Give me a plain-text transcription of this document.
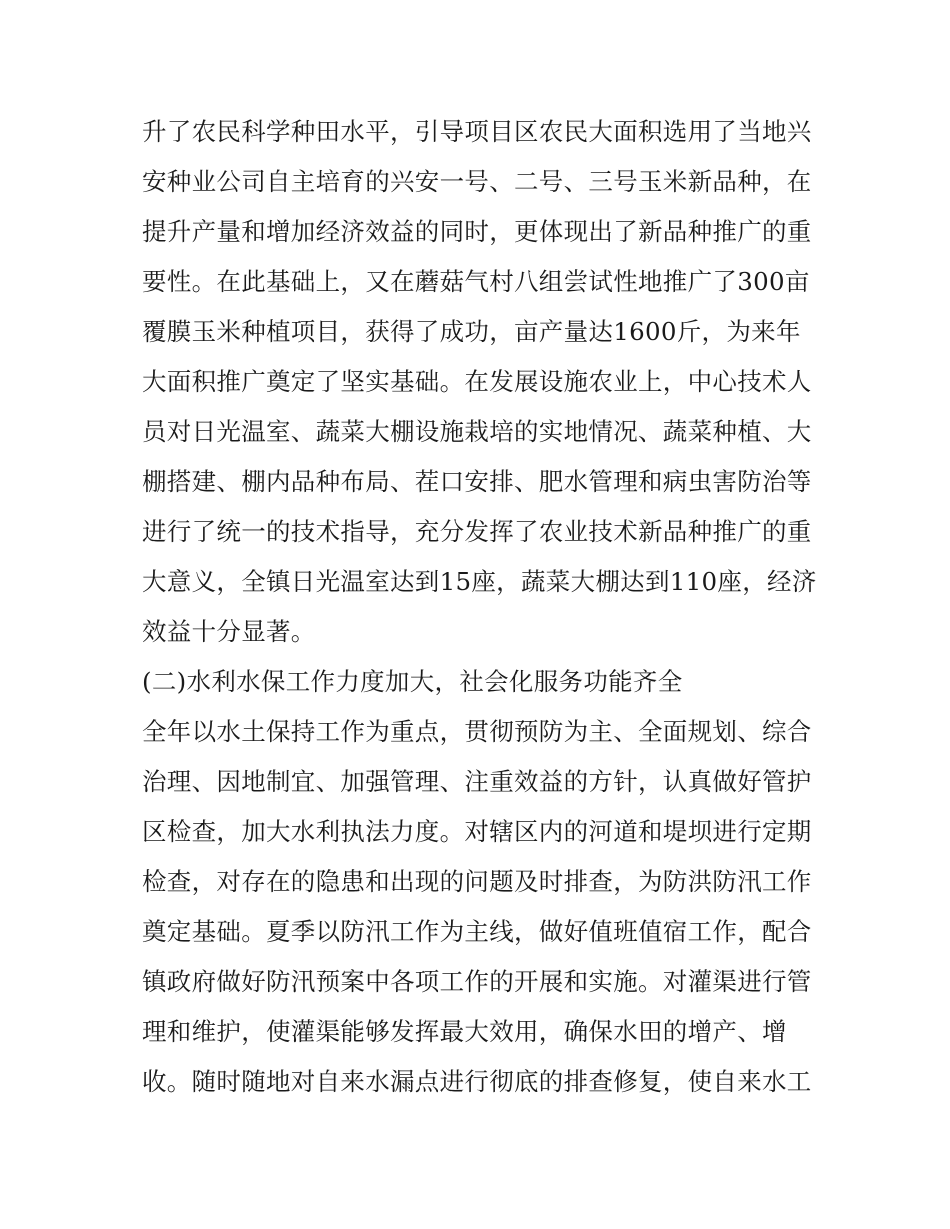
升了农民科学种田水平，引导项目区农民大面积选用了当地兴
安种业公司自主培育的兴安一号、二号、三号玉米新品种，在
提升产量和增加经济效益的同时，更体现出了新品种推广的重
要性。在此基础上，又在蘑菇气村八组尝试性地推广了300亩
覆膜玉米种植项目，获得了成功，亩产量达1600斤，为来年
大面积推广奠定了坚实基础。在发展设施农业上，中心技术人
员对日光温室、蔬菜大棚设施栽培的实地情况、蔬菜种植、大
棚搭建、棚内品种布局、茬口安排、肥水管理和病虫害防治等
进行了统一的技术指导，充分发挥了农业技术新品种推广的重
大意义，全镇日光温室达到15座，蔬菜大棚达到110座，经济
效益十分显著。
(二)水利水保工作力度加大，社会化服务功能齐全
全年以水土保持工作为重点，贯彻预防为主、全面规划、综合
治理、因地制宜、加强管理、注重效益的方针，认真做好管护
区检查，加大水利执法力度。对辖区内的河道和堤坝进行定期
检查，对存在的隐患和出现的问题及时排查，为防洪防汛工作
奠定基础。夏季以防汛工作为主线，做好值班值宿工作，配合
镇政府做好防汛预案中各项工作的开展和实施。对灌渠进行管
理和维护，使灌渠能够发挥最大效用，确保水田的增产、增
收。随时随地对自来水漏点进行彻底的排查修复，使自来水工
